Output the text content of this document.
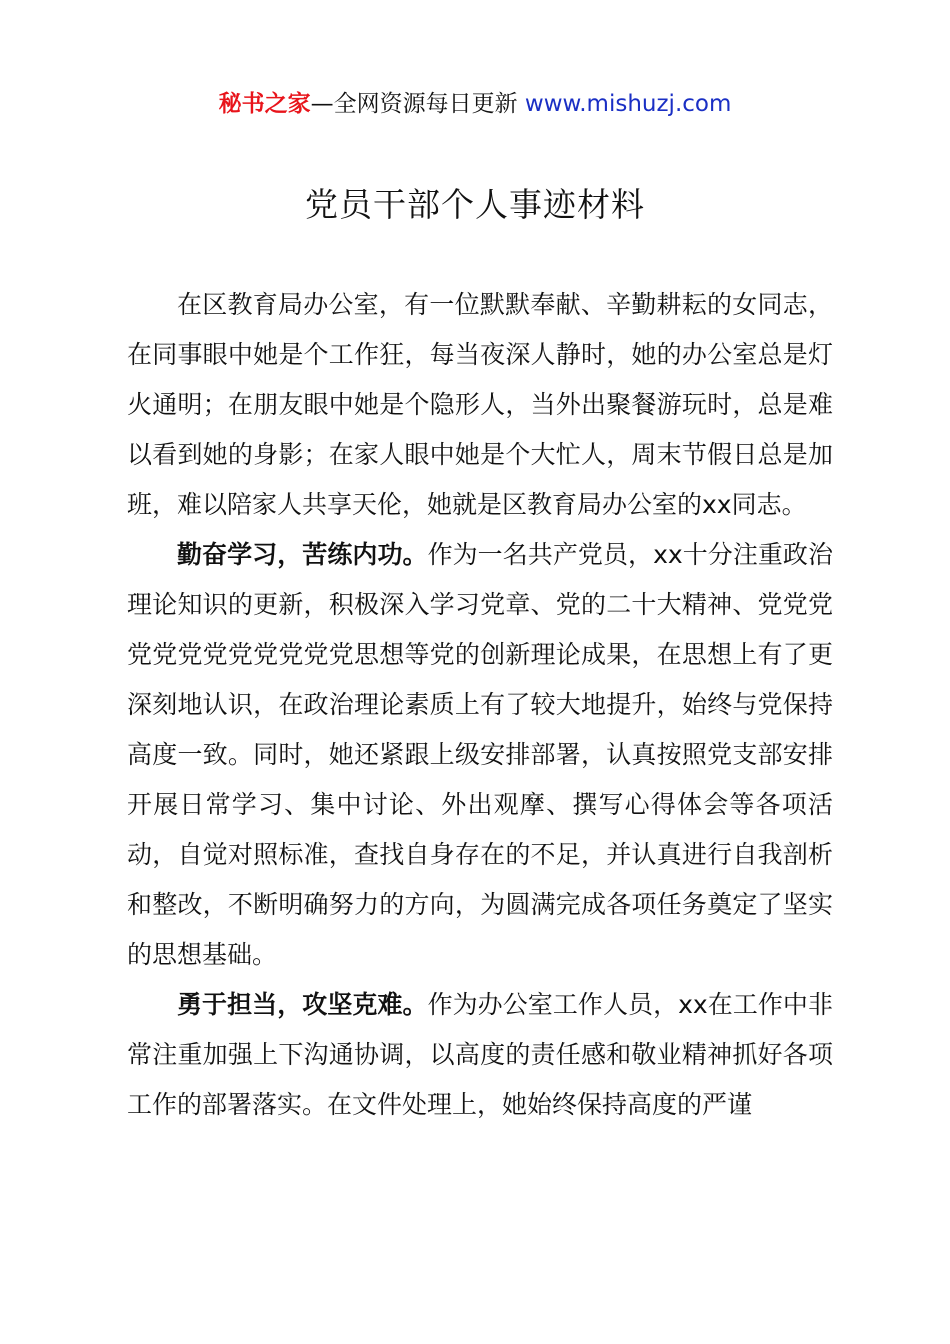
秘书之家—全网资源每日更新 www.mishuzj.com
党员干部个人事迹材料

在区教育局办公室，有一位默默奉献、辛勤耕耘的女同志，在同事眼中她是个工作狂，每当夜深人静时，她的办公室总是灯火通明；在朋友眼中她是个隐形人，当外出聚餐游玩时，总是难以看到她的身影；在家人眼中她是个大忙人，周末节假日总是加班，难以陪家人共享天伦，她就是区教育局办公室的xx同志。

勤奋学习，苦练内功。作为一名共产党员，xx十分注重政治理论知识的更新，积极深入学习党章、党的二十大精神、党党党党党党党党党党党党思想等党的创新理论成果，在思想上有了更深刻地认识，在政治理论素质上有了较大地提升，始终与党保持高度一致。同时，她还紧跟上级安排部署，认真按照党支部安排开展日常学习、集中讨论、外出观摩、撰写心得体会等各项活动，自觉对照标准，查找自身存在的不足，并认真进行自我剖析和整改，不断明确努力的方向，为圆满完成各项任务奠定了坚实的思想基础。

勇于担当，攻坚克难。作为办公室工作人员，xx在工作中非常注重加强上下沟通协调，以高度的责任感和敬业精神抓好各项工作的部署落实。在文件处理上，她始终保持高度的严谨
